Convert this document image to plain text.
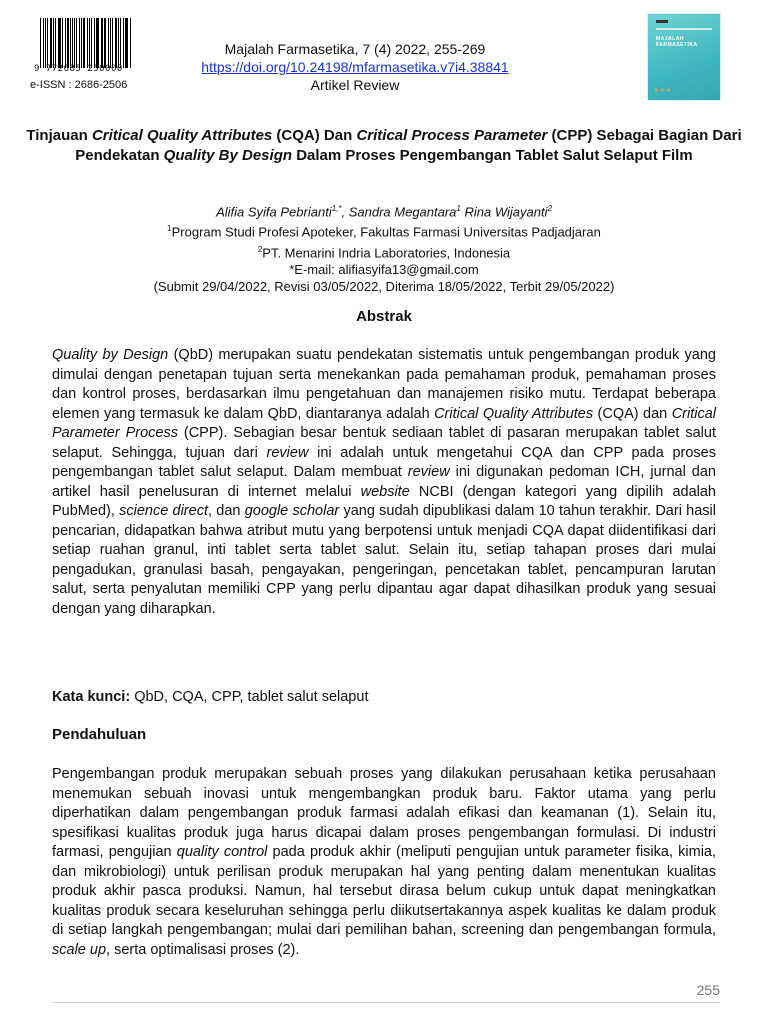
9 772685 250000
e-ISSN : 2686-2506
Majalah Farmasetika, 7 (4) 2022, 255-269
https://doi.org/10.24198/mfarmasetika.v7i4.38841
Artikel Review
MAJALAH FARMASETIKA
● ● ●
Tinjauan Critical Quality Attributes (CQA) Dan Critical Process Parameter (CPP) Sebagai Bagian Dari Pendekatan Quality By Design Dalam Proses Pengembangan Tablet Salut Selaput Film
Alifia Syifa Pebrianti$^{1,*}$, Sandra Megantara$^1$ Rina Wijayanti$^2$
$^1$Program Studi Profesi Apoteker, Fakultas Farmasi Universitas Padjadjaran
$^2$PT. Menarini Indria Laboratories, Indonesia
*E-mail: alifiasyifa13@gmail.com
(Submit 29/04/2022, Revisi 03/05/2022, Diterima 18/05/2022, Terbit 29/05/2022)
Abstrak

Quality by Design (QbD) merupakan suatu pendekatan sistematis untuk pengembangan produk yang dimulai dengan penetapan tujuan serta menekankan pada pemahaman produk, pemahaman proses dan kontrol proses, berdasarkan ilmu pengetahuan dan manajemen risiko mutu. Terdapat beberapa elemen yang termasuk ke dalam QbD, diantaranya adalah Critical Quality Attributes (CQA) dan Critical Parameter Process (CPP). Sebagian besar bentuk sediaan tablet di pasaran merupakan tablet salut selaput. Sehingga, tujuan dari review ini adalah untuk mengetahui CQA dan CPP pada proses pengembangan tablet salut selaput. Dalam membuat review ini digunakan pedoman ICH, jurnal dan artikel hasil penelusuran di internet melalui website NCBI (dengan kategori yang dipilih adalah PubMed), science direct, dan google scholar yang sudah dipublikasi dalam 10 tahun terakhir. Dari hasil pencarian, didapatkan bahwa atribut mutu yang berpotensi untuk menjadi CQA dapat diidentifikasi dari setiap ruahan granul, inti tablet serta tablet salut. Selain itu, setiap tahapan proses dari mulai pengadukan, granulasi basah, pengayakan, pengeringan, pencetakan tablet, pencampuran larutan salut, serta penyalutan memiliki CPP yang perlu dipantau agar dapat dihasilkan produk yang sesuai dengan yang diharapkan.

Kata kunci: QbD, CQA, CPP, tablet salut selaput

Pendahuluan

Pengembangan produk merupakan sebuah proses yang dilakukan perusahaan ketika perusahaan menemukan sebuah inovasi untuk mengembangkan produk baru. Faktor utama yang perlu diperhatikan dalam pengembangan produk farmasi adalah efikasi dan keamanan (1). Selain itu, spesifikasi kualitas produk juga harus dicapai dalam proses pengembangan formulasi. Di industri farmasi, pengujian quality control pada produk akhir (meliputi pengujian untuk parameter fisika, kimia, dan mikrobiologi) untuk perilisan produk merupakan hal yang penting dalam menentukan kualitas produk akhir pasca produksi. Namun, hal tersebut dirasa belum cukup untuk dapat meningkatkan kualitas produk secara keseluruhan sehingga perlu diikutsertakannya aspek kualitas ke dalam produk di setiap langkah pengembangan; mulai dari pemilihan bahan, screening dan pengembangan formula, scale up, serta optimalisasi proses (2).

255
